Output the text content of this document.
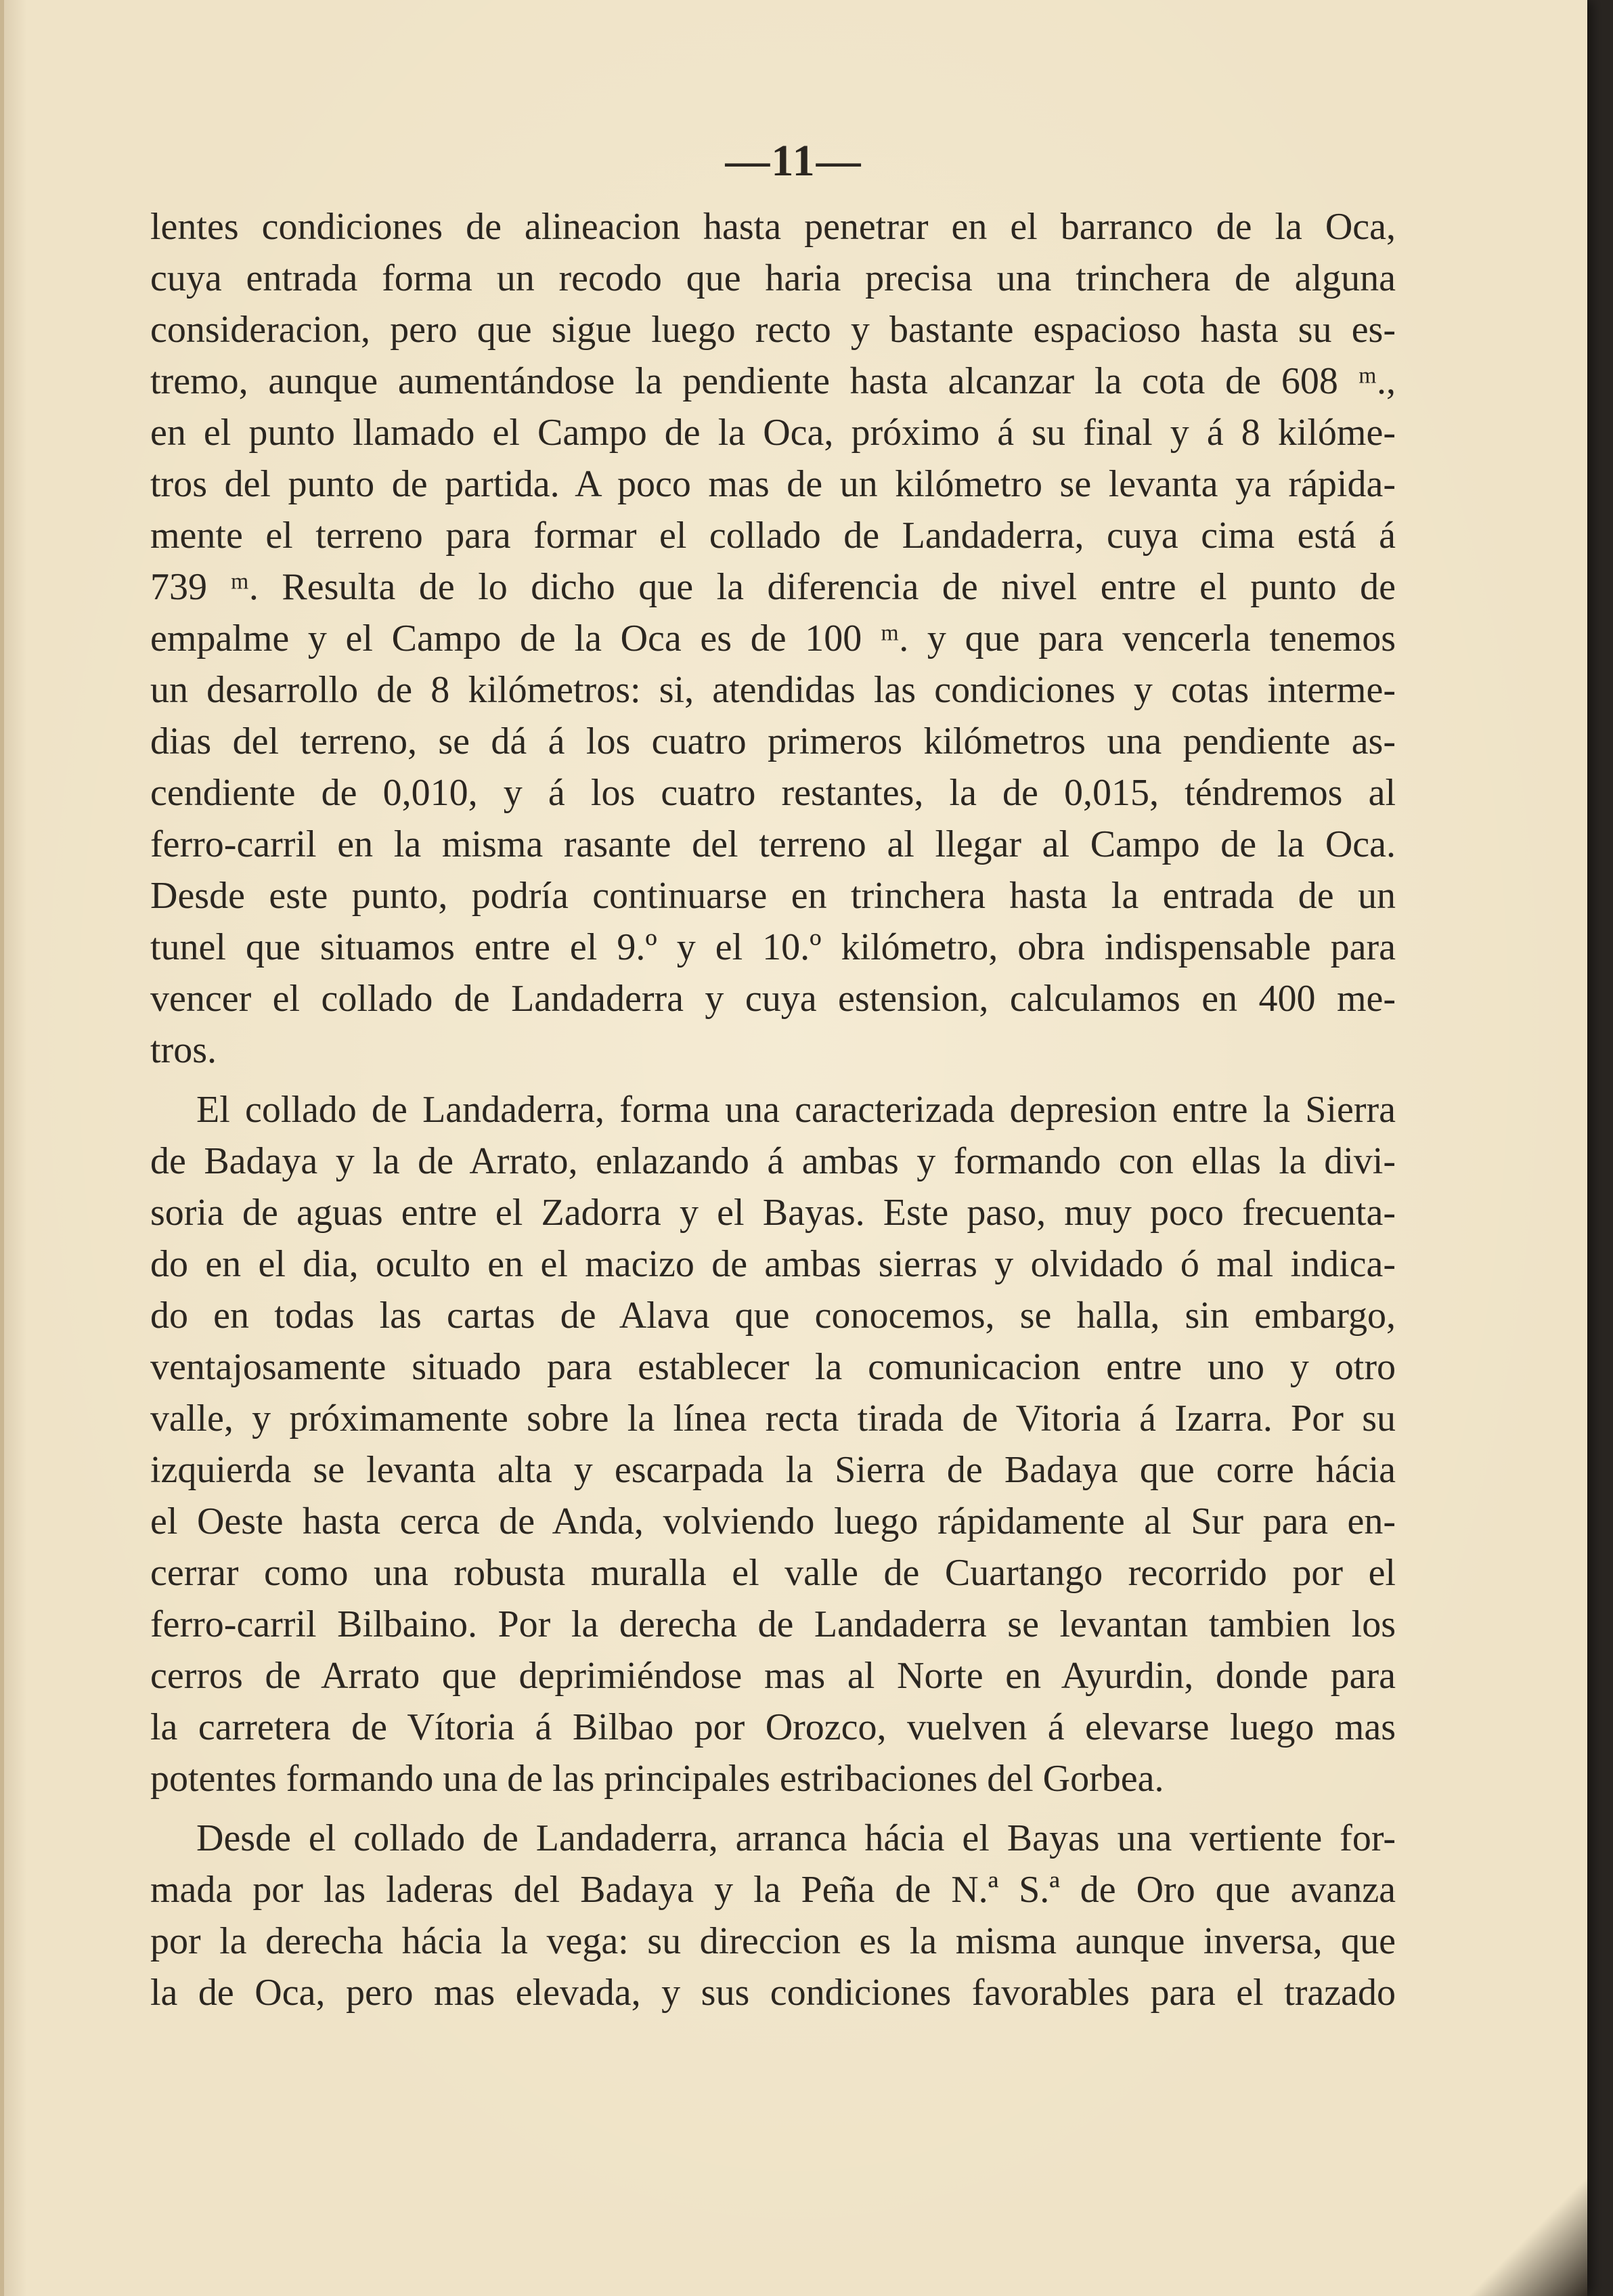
—11—
lentes condiciones de alineacion hasta penetrar en el barranco de la Oca,
cuya entrada forma un recodo que haria precisa una trinchera de alguna
consideracion, pero que sigue luego recto y bastante espacioso hasta su es-
tremo, aunque aumentándose la pendiente hasta alcanzar la cota de 608 ᵐ.,
en el punto llamado el Campo de la Oca, próximo á su final y á 8 kilóme-
tros del punto de partida. A poco mas de un kilómetro se levanta ya rápida-
mente el terreno para formar el collado de Landaderra, cuya cima está á
739 ᵐ. Resulta de lo dicho que la diferencia de nivel entre el punto de
empalme y el Campo de la Oca es de 100 ᵐ. y que para vencerla tenemos
un desarrollo de 8 kilómetros: si, atendidas las condiciones y cotas interme-
dias del terreno, se dá á los cuatro primeros kilómetros una pendiente as-
cendiente de 0,010, y á los cuatro restantes, la de 0,015, téndremos al
ferro-carril en la misma rasante del terreno al llegar al Campo de la Oca.
Desde este punto, podría continuarse en trinchera hasta la entrada de un
tunel que situamos entre el 9.º y el 10.º kilómetro, obra indispensable para
vencer el collado de Landaderra y cuya estension, calculamos en 400 me-
tros.
El collado de Landaderra, forma una caracterizada depresion entre la Sierra
de Badaya y la de Arrato, enlazando á ambas y formando con ellas la divi-
soria de aguas entre el Zadorra y el Bayas. Este paso, muy poco frecuenta-
do en el dia, oculto en el macizo de ambas sierras y olvidado ó mal indica-
do en todas las cartas de Alava que conocemos, se halla, sin embargo,
ventajosamente situado para establecer la comunicacion entre uno y otro
valle, y próximamente sobre la línea recta tirada de Vitoria á Izarra. Por su
izquierda se levanta alta y escarpada la Sierra de Badaya que corre hácia
el Oeste hasta cerca de Anda, volviendo luego rápidamente al Sur para en-
cerrar como una robusta muralla el valle de Cuartango recorrido por el
ferro-carril Bilbaino. Por la derecha de Landaderra se levantan tambien los
cerros de Arrato que deprimiéndose mas al Norte en Ayurdin, donde para
la carretera de Vítoria á Bilbao por Orozco, vuelven á elevarse luego mas
potentes formando una de las principales estribaciones del Gorbea.
Desde el collado de Landaderra, arranca hácia el Bayas una vertiente for-
mada por las laderas del Badaya y la Peña de N.ª S.ª de Oro que avanza
por la derecha hácia la vega: su direccion es la misma aunque inversa, que
la de Oca, pero mas elevada, y sus condiciones favorables para el trazado
